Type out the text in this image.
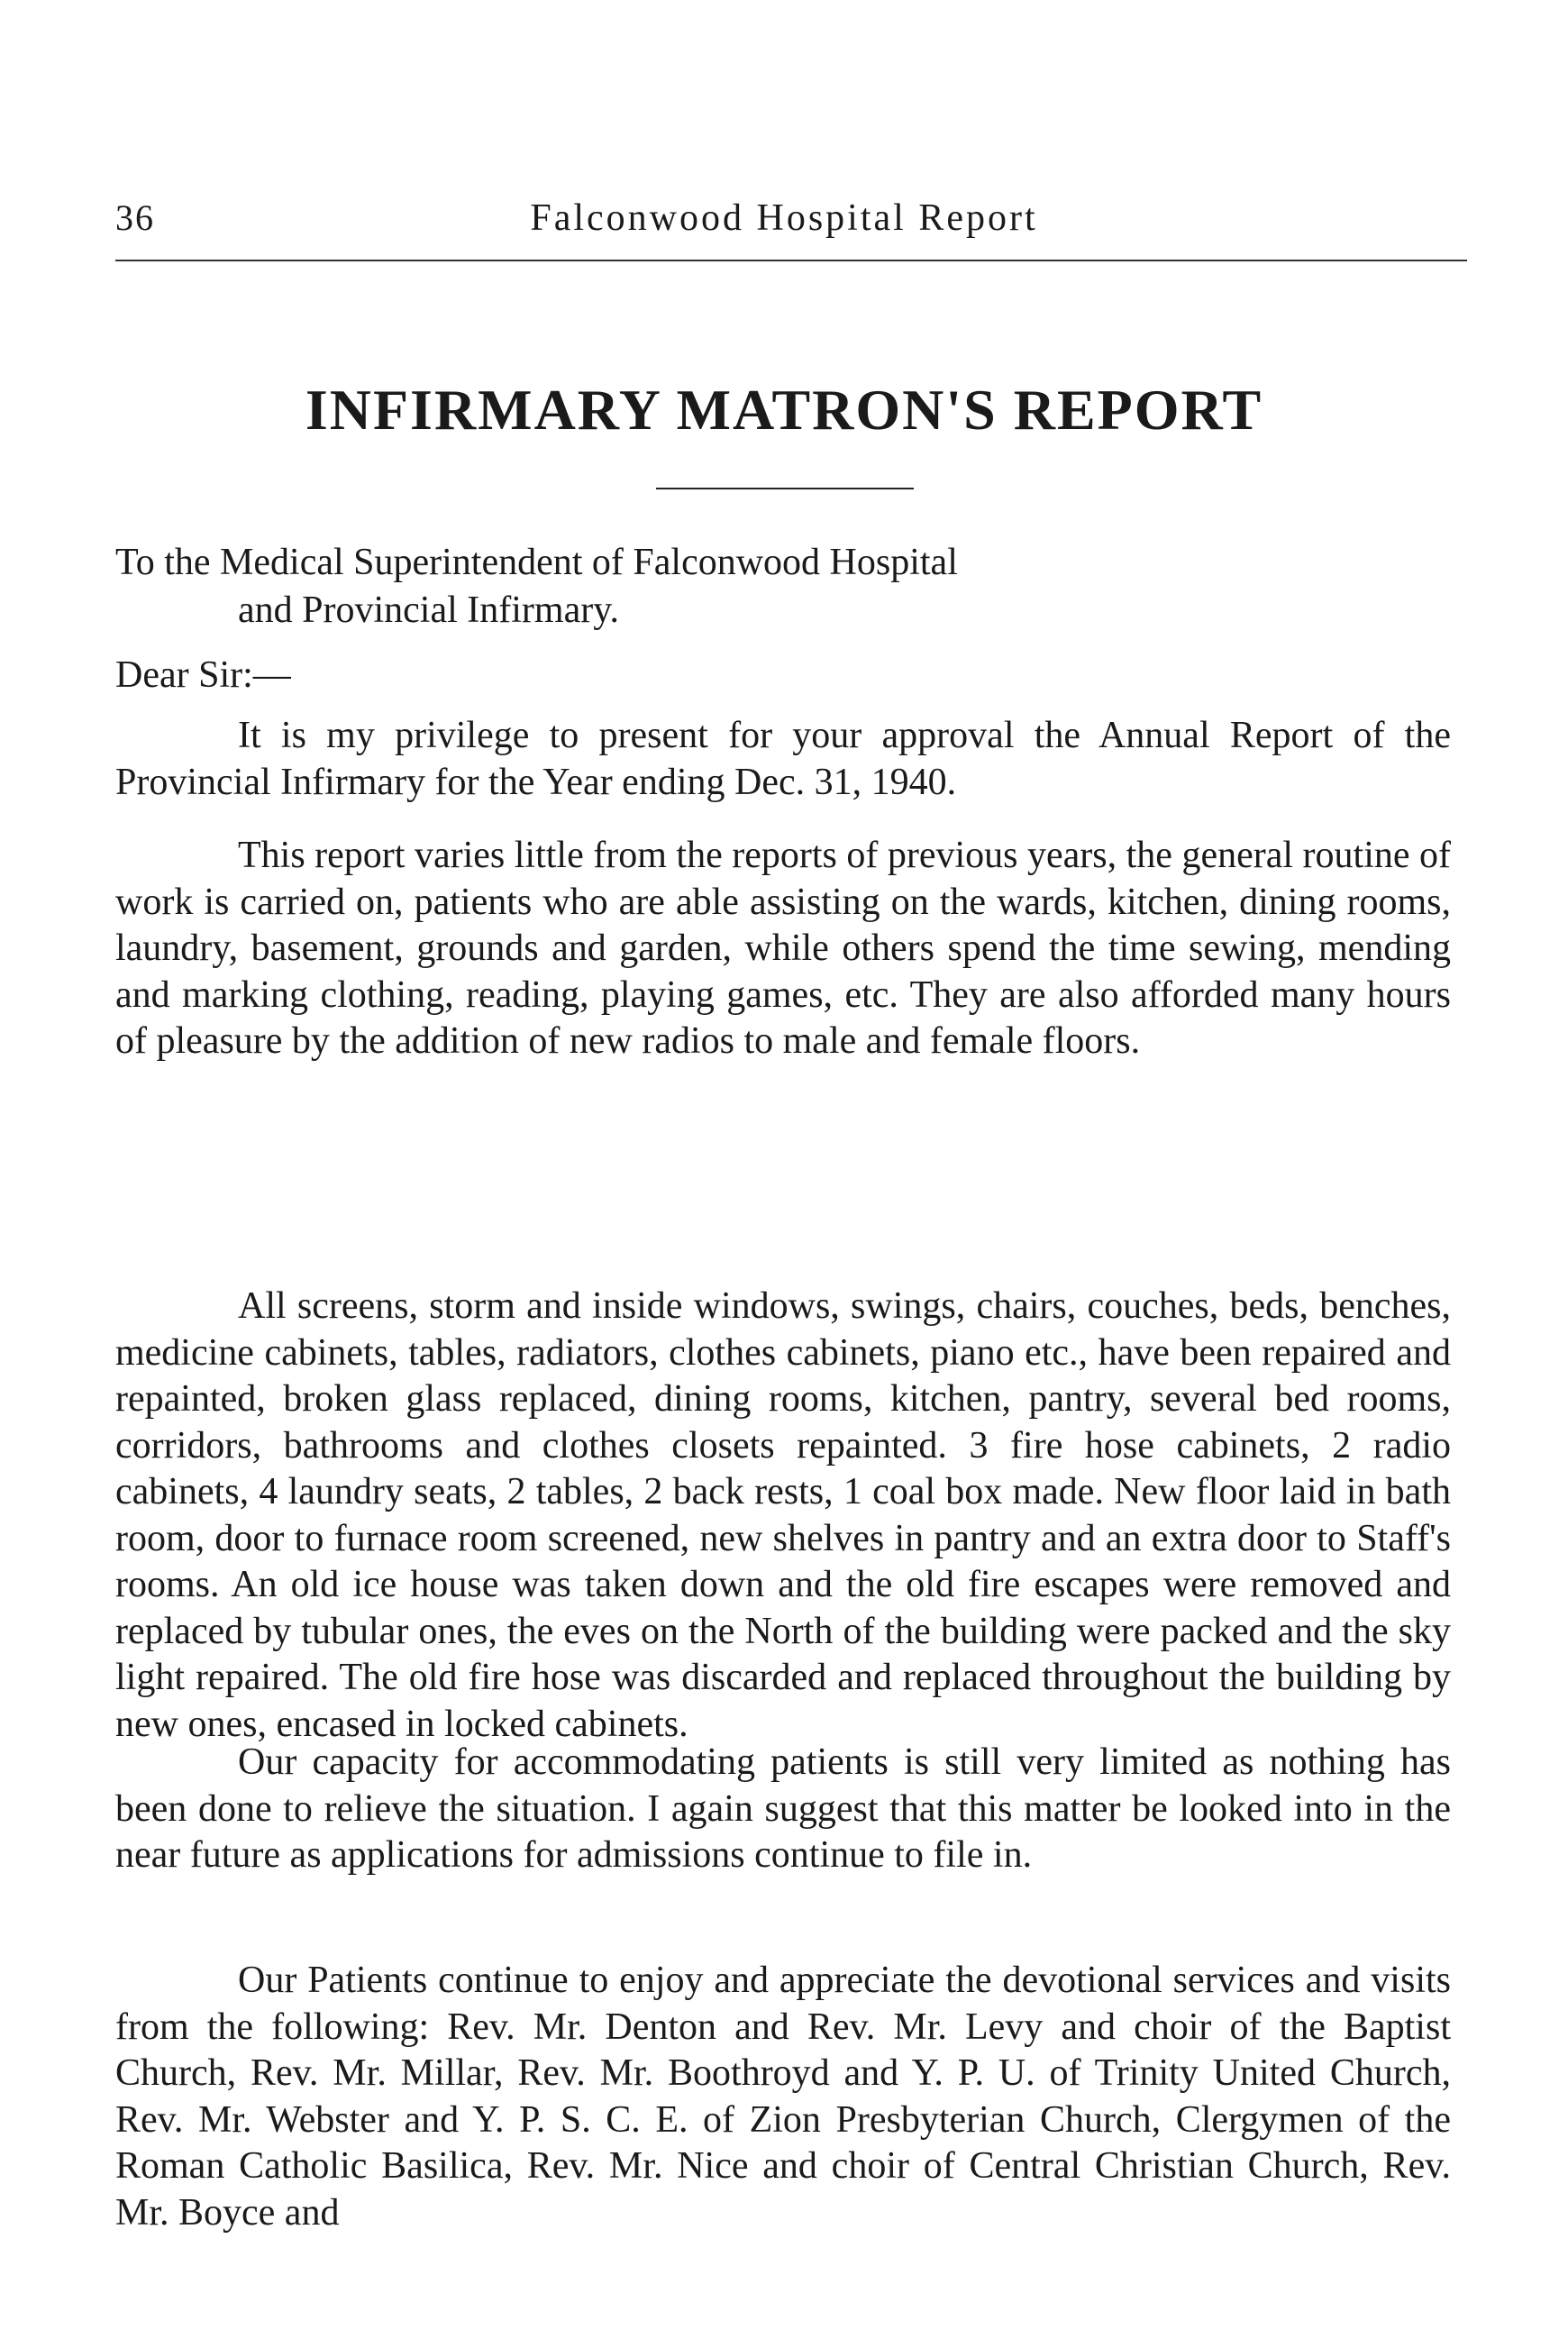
36	Falconwood Hospital Report
INFIRMARY MATRON'S REPORT
To the Medical Superintendent of Falconwood Hospital
and Provincial Infirmary.
Dear Sir:—

It is my privilege to present for your approval the Annual Report of the Provincial Infirmary for the Year ending Dec. 31, 1940.

This report varies little from the reports of previous years, the general routine of work is carried on, patients who are able assisting on the wards, kitchen, dining rooms, laundry, basement, grounds and garden, while others spend the time sewing, mending and marking clothing, reading, playing games, etc. They are also afforded many hours of pleasure by the addition of new radios to male and female floors.

All screens, storm and inside windows, swings, chairs, couches, beds, benches, medicine cabinets, tables, radiators, clothes cabinets, piano etc., have been repaired and repainted, broken glass replaced, dining rooms, kitchen, pantry, several bed rooms, corridors, bathrooms and clothes closets repainted. 3 fire hose cabinets, 2 radio cabinets, 4 laundry seats, 2 tables, 2 back rests, 1 coal box made. New floor laid in bath room, door to furnace room screened, new shelves in pantry and an extra door to Staff's rooms. An old ice house was taken down and the old fire escapes were removed and replaced by tubular ones, the eves on the North of the building were packed and the sky light repaired. The old fire hose was discarded and replaced throughout the building by new ones, encased in locked cabinets.

Our capacity for accommodating patients is still very limited as nothing has been done to relieve the situation. I again suggest that this matter be looked into in the near future as applications for admissions continue to file in.

Our Patients continue to enjoy and appreciate the devotional services and visits from the following: Rev. Mr. Denton and Rev. Mr. Levy and choir of the Baptist Church, Rev. Mr. Millar, Rev. Mr. Boothroyd and Y. P. U. of Trinity United Church, Rev. Mr. Webster and Y. P. S. C. E. of Zion Presbyterian Church, Clergymen of the Roman Catholic Basilica, Rev. Mr. Nice and choir of Central Christian Church, Rev. Mr. Boyce and
